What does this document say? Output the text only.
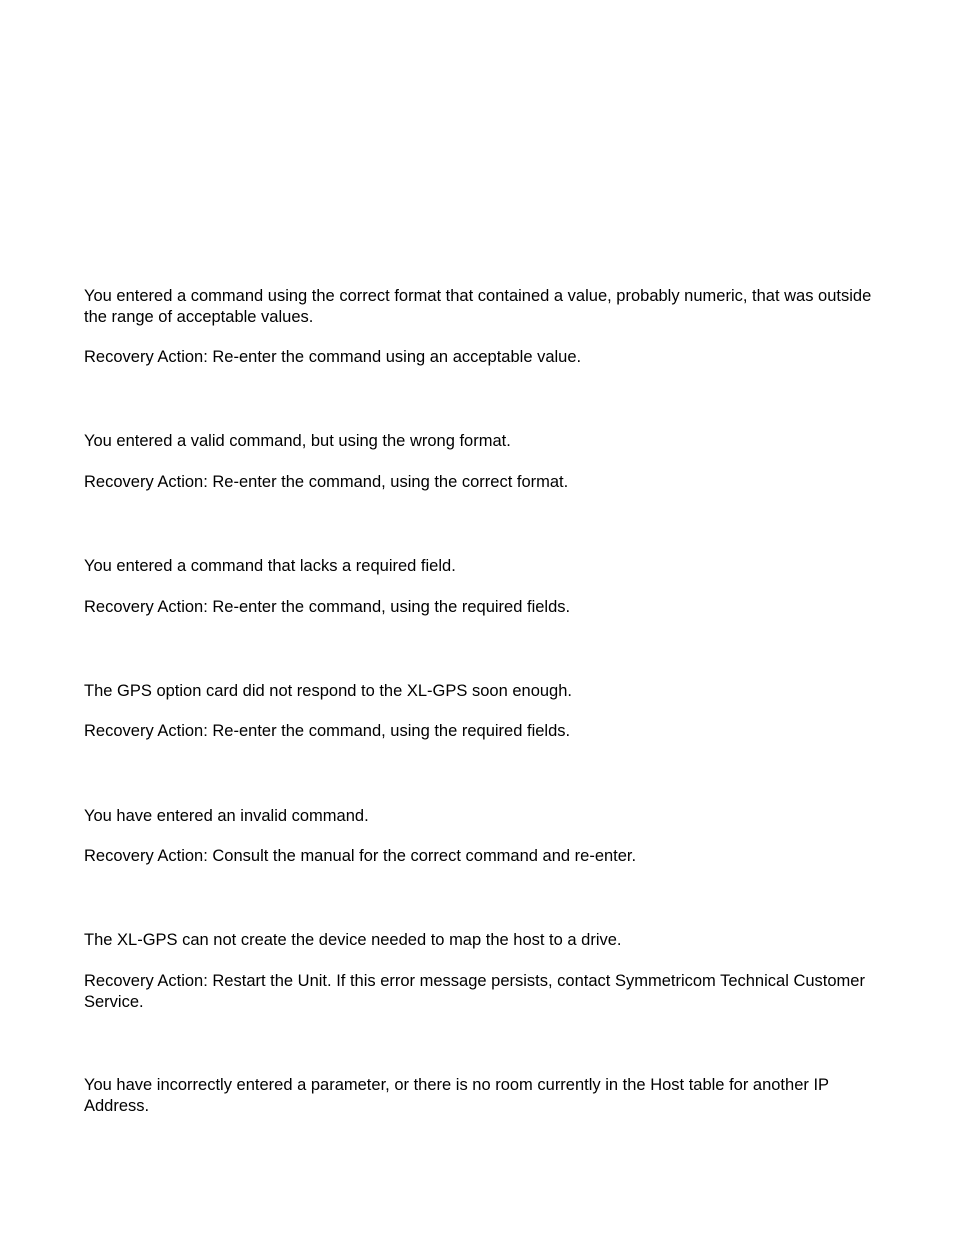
You entered a command using the correct format that contained a value, probably numeric, that was outside the range of acceptable values.

Recovery Action: Re-enter the command using an acceptable value.

You entered a valid command, but using the wrong format.

Recovery Action: Re-enter the command, using the correct format.

You entered a command that lacks a required field.

Recovery Action: Re-enter the command, using the required fields.

The GPS option card did not respond to the XL-GPS soon enough.

Recovery Action: Re-enter the command, using the required fields.

You have entered an invalid command.

Recovery Action: Consult the manual for the correct command and re-enter.

The XL-GPS can not create the device needed to map the host to a drive.

Recovery Action: Restart the Unit. If this error message persists, contact Symmetricom Technical Customer Service.

You have incorrectly entered a parameter, or there is no room currently in the Host table for another IP Address.
